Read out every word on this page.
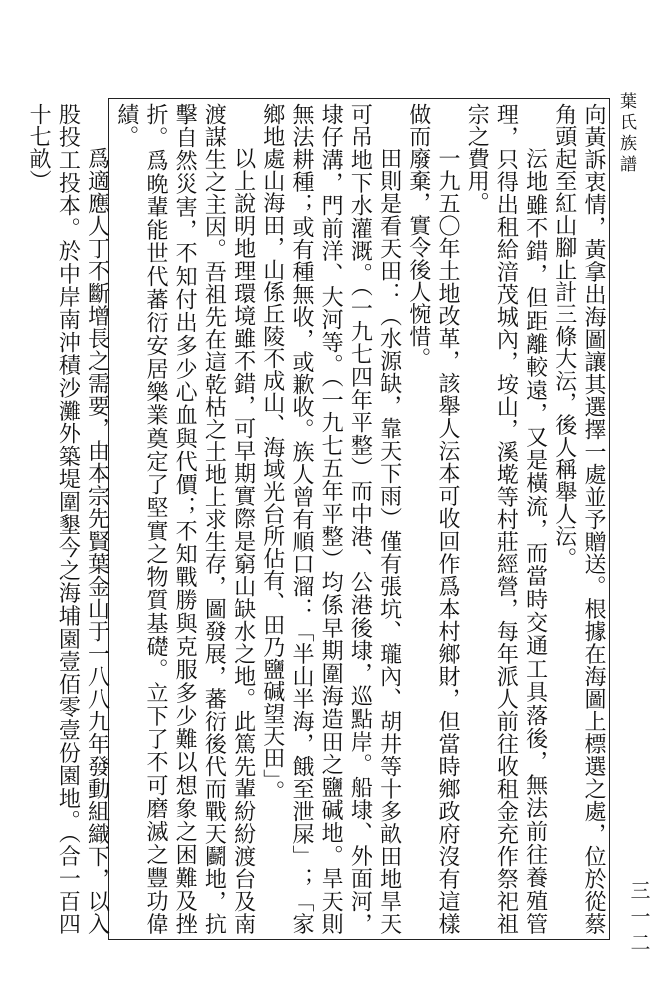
葉氏族譜

向黃訴衷情，黃拿出海圖讓其選擇一處並予贈送。根據在海圖上標選之處，位於從蔡角頭起至紅山腳止計三條大沄，後人稱舉人沄。

沄地雖不錯，但距離較遠，又是橫流，而當時交通工具落後，無法前往養殖管理，只得出租給湆茂城內，垵山，溪墘等村莊經營，每年派人前往收租金充作祭祀祖宗之費用。

一九五〇年土地改革，該舉人沄本可收回作爲本村鄉財，但當時鄉政府沒有這樣做而廢棄，實令後人惋惜。

田則是看天田：（水源缺，靠天下雨）僅有張坑、瓏內、胡井等十多畝田地旱天可吊地下水灌溉。（一九七四年平整）而中港、公港後埭，巡點岸。船埭、外面河，埭仔溝，門前洋、大河等。（一九七五年平整）均係早期圍海造田之鹽碱地。旱天則無法耕種；或有種無收，或歉收。族人曾有順口溜：「半山半海，餓至泄屎」；「家鄉地處山海田，山係丘陵不成山、海域光台所佔有、田乃鹽碱望天田」。

以上說明地理環境雖不錯，可早期實際是窮山缺水之地。此篤先輩紛紛渡台及南渡謀生之主因。吾祖先在這乾枯之土地上求生存，圖發展，蕃衍後代而戰天鬬地，抗擊自然災害，不知付出多少心血與代價；不知戰勝與克服多少難以想象之困難及挫折。爲晩輩能世代蕃衍安居樂業奠定了堅實之物質基礎。立下了不可磨滅之豐功偉績。

爲適應人丁不斷增長之需要，由本宗先賢葉金山于一八八九年發動組織下，以入股投工投本。於中岸南沖積沙灘外築堤圍墾今之海埔園壹佰零壹份園地。（合一百四十七畝）

三一二
